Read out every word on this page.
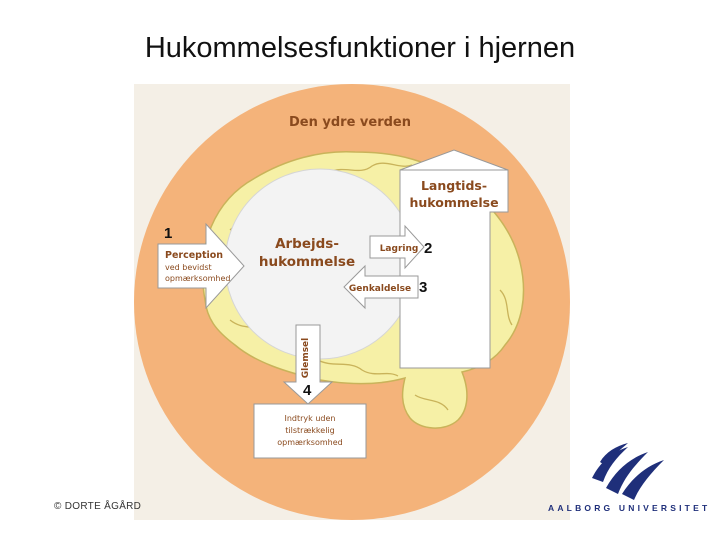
Hukommelsesfunktioner i hjernen
Den ydre verden
Arbejds-
hukommelse
Langtids-
hukommelse
Lagring
Genkaldelse
Perception
ved bevidst
opmærksomhed
Glemsel
Indtryk uden
tilstrækkelig
opmærksomhed
1
2
3
4
© DORTE ÅGÅRD	AALBORG UNIVERSITET
